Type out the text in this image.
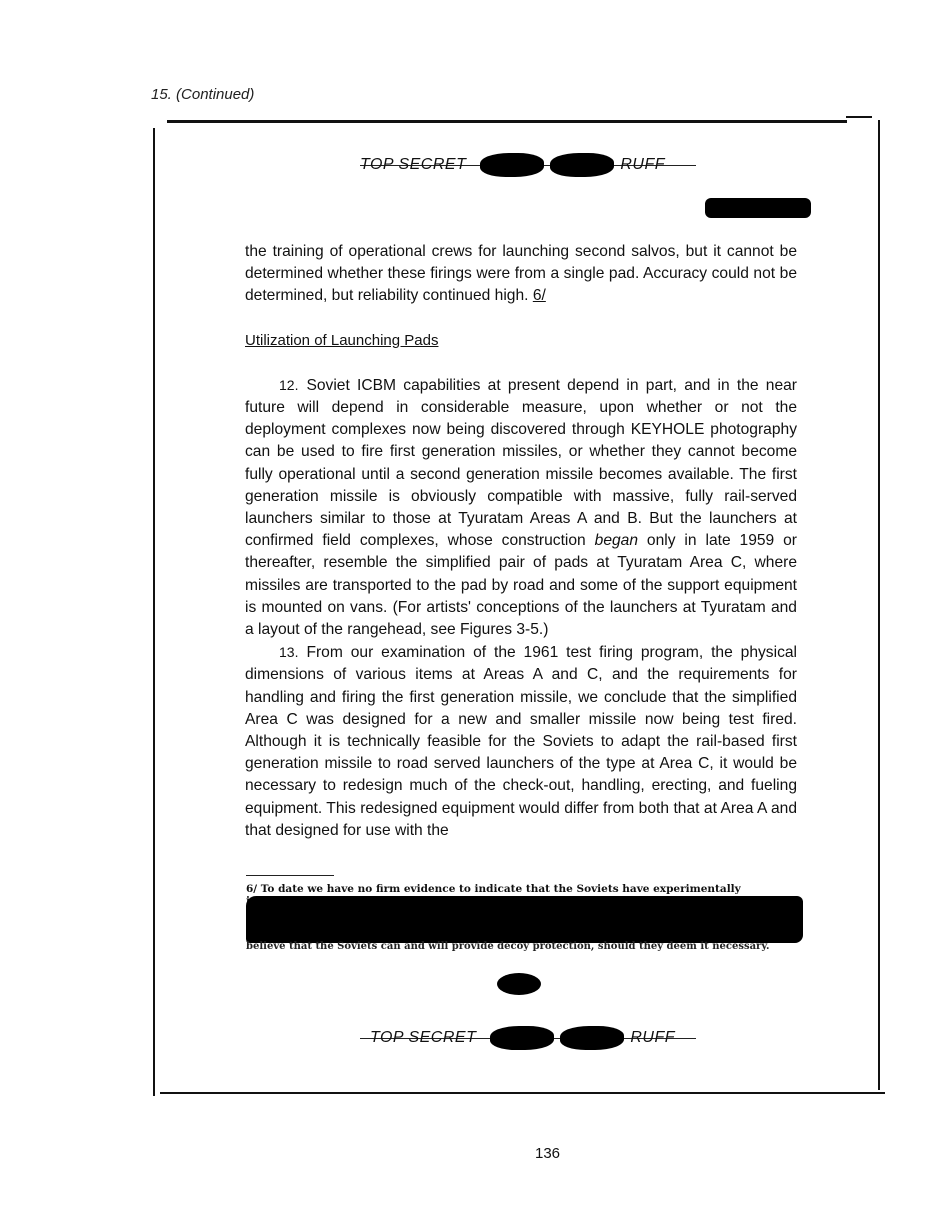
15. (Continued)
TOP SECRET	RUFF

the training of operational crews for launching second salvos, but it cannot be determined whether these firings were from a single pad. Accuracy could not be determined, but reliability continued high. 6/

Utilization of Launching Pads

12. Soviet ICBM capabilities at present depend in part, and in the near future will depend in considerable measure, upon whether or not the deployment complexes now being discovered through KEYHOLE photography can be used to fire first generation missiles, or whether they cannot become fully operational until a second generation missile becomes available. The first generation missile is obviously compatible with massive, fully rail-served launchers similar to those at Tyuratam Areas A and B. But the launchers at confirmed field complexes, whose construction began only in late 1959 or thereafter, resemble the simplified pair of pads at Tyuratam Area C, where missiles are transported to the pad by road and some of the support equipment is mounted on vans. (For artists' conceptions of the launchers at Tyuratam and a layout of the rangehead, see Figures 3-5.)

13. From our examination of the 1961 test firing program, the physical dimensions of various items at Areas A and C, and the requirements for handling and firing the first generation missile, we conclude that the simplified Area C was designed for a new and smaller missile now being test fired. Although it is technically feasible for the Soviets to adapt the rail-based first generation missile to road served launchers of the type at Area C, it would be necessary to redesign much of the check-out, handling, erecting, and fueling equipment. This redesigned equipment would differ from both that at Area A and that designed for use with the

6/ To date we have no firm evidence to indicate that the Soviets have experimentally

believe that the Soviets can and will provide decoy protection, should they deem it necessary.
TOP SECRET	RUFF
136
